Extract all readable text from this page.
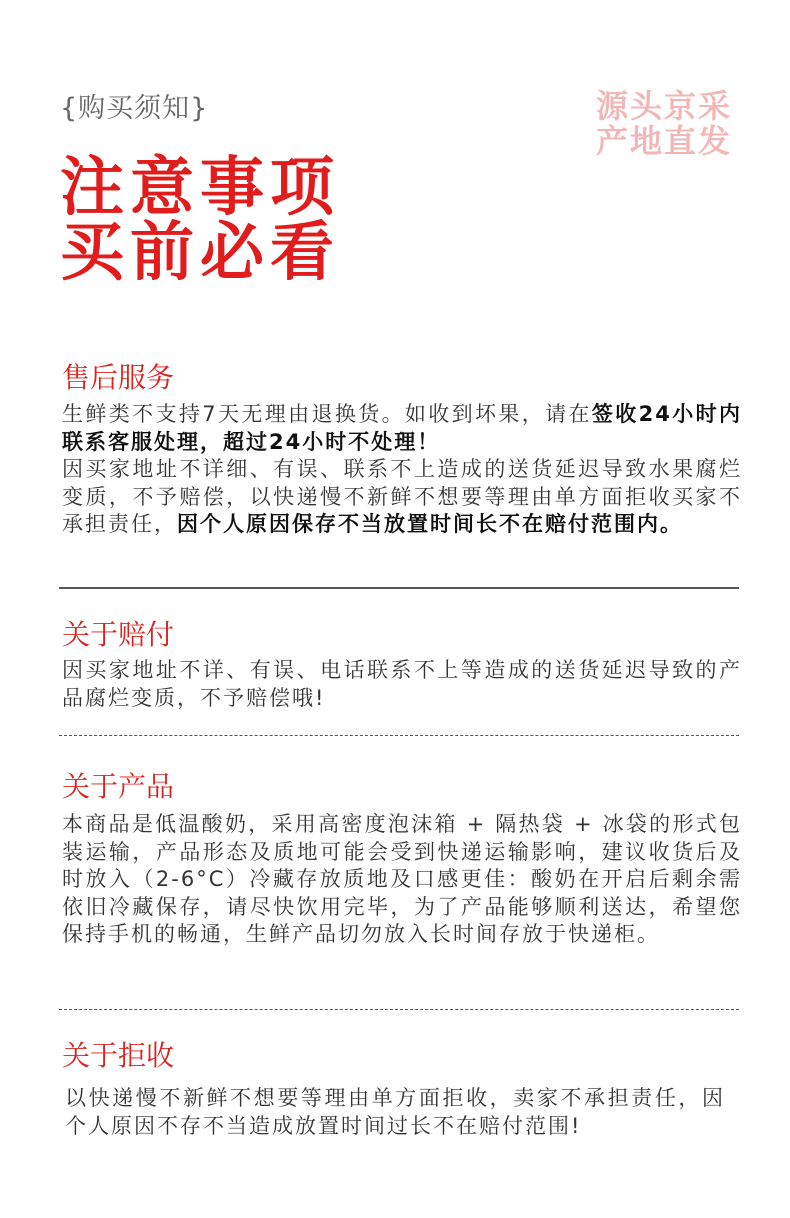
{购买须知}	源头京采
产地直发
注意事项
买前必看
售后服务

生鲜类不支持7天无理由退换货。如收到坏果，请在签收24小时内联系客服处理，超过24小时不处理！

因买家地址不详细、有误、联系不上造成的送货延迟导致水果腐烂变质，不予赔偿，以快递慢不新鲜不想要等理由单方面拒收买家不承担责任，因个人原因保存不当放置时间长不在赔付范围内。

关于赔付
因买家地址不详、有误、电话联系不上等造成的送货延迟导致的产品腐烂变质，不予赔偿哦!
关于产品
本商品是低温酸奶，采用高密度泡沫箱 + 隔热袋 + 冰袋的形式包装运输，产品形态及质地可能会受到快递运输影响，建议收货后及时放入（2-6°C）冷藏存放质地及口感更佳：酸奶在开启后剩余需依旧冷藏保存，请尽快饮用完毕，为了产品能够顺利送达，希望您保持手机的畅通，生鲜产品切勿放入长时间存放于快递柜。
关于拒收
以快递慢不新鲜不想要等理由单方面拒收，卖家不承担责任，因个人原因不存不当造成放置时间过长不在赔付范围!
